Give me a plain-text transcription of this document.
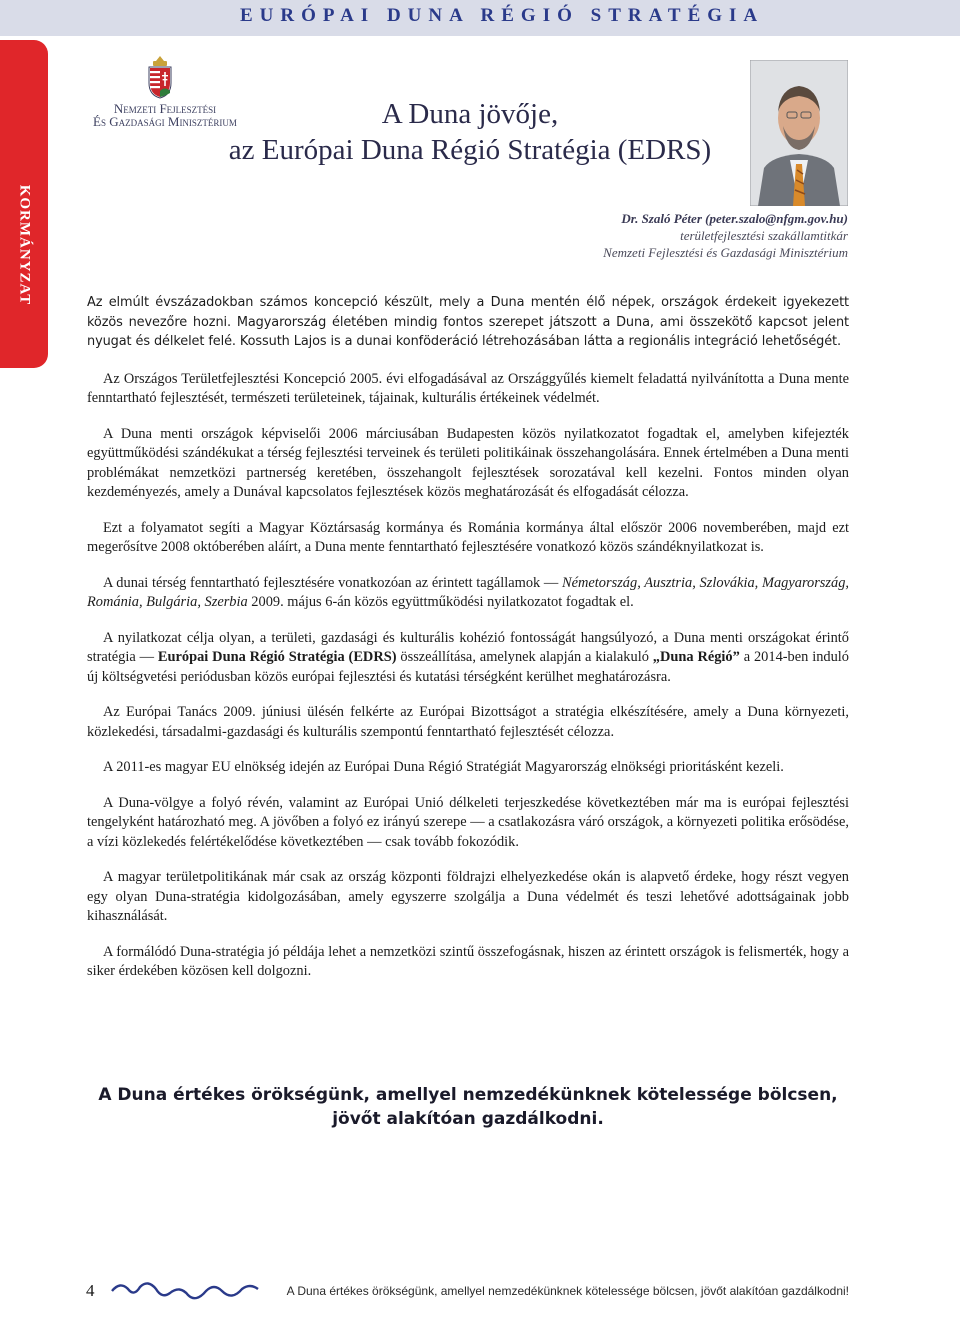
EURÓPAI DUNA RÉGIÓ STRATÉGIA
KORMÁNYZAT
Nemzeti Fejlesztési
És Gazdasági Minisztérium	A Duna jövője,
az Európai Duna Régió Stratégia (EDRS)
Dr. Szaló Péter (peter.szalo@nfgm.gov.hu)
területfejlesztési szakállamtitkár
Nemzeti Fejlesztési és Gazdasági Minisztérium

Az elmúlt évszázadokban számos koncepció készült, mely a Duna mentén élő népek, országok érdekeit igyekezett közös nevezőre hozni. Magyarország életében mindig fontos szerepet játszott a Duna, ami összekötő kapcsot jelent nyugat és délkelet felé. Kossuth Lajos is a dunai konföderáció létrehozásában látta a regionális integráció lehetőségét.

Az Országos Területfejlesztési Koncepció 2005. évi elfogadásával az Országgyűlés kiemelt feladattá nyilvánította a Duna mente fenntartható fejlesztését, természeti területeinek, tájainak, kulturális értékeinek védelmét.

A Duna menti országok képviselői 2006 márciusában Budapesten közös nyilatkozatot fogadtak el, amelyben kifejezték együttműködési szándékukat a térség fejlesztési terveinek és területi politikáinak összehangolására. Ennek értelmében a Duna menti problémákat nemzetközi partnerség keretében, összehangolt fejlesztések sorozatával kell kezelni. Fontos minden olyan kezdeményezés, amely a Dunával kapcsolatos fejlesztések közös meghatározását és elfogadását célozza.

Ezt a folyamatot segíti a Magyar Köztársaság kormánya és Románia kormánya által először 2006 novemberében, majd ezt megerősítve 2008 októberében aláírt, a Duna mente fenntartható fejlesztésére vonatkozó közös szándéknyilatkozat is.

A dunai térség fenntartható fejlesztésére vonatkozóan az érintett tagállamok — Németország, Ausztria, Szlovákia, Magyarország, Románia, Bulgária, Szerbia 2009. május 6-án közös együttműködési nyilatkozatot fogadtak el.

A nyilatkozat célja olyan, a területi, gazdasági és kulturális kohézió fontosságát hangsúlyozó, a Duna menti országokat érintő stratégia — Európai Duna Régió Stratégia (EDRS) összeállítása, amelynek alapján a kialakuló „Duna Régió” a 2014-ben induló új költségvetési periódusban közös európai fejlesztési és kutatási térségként kerülhet meghatározásra.

Az Európai Tanács 2009. júniusi ülésén felkérte az Európai Bizottságot a stratégia elkészítésére, amely a Duna környezeti, közlekedési, társadalmi-gazdasági és kulturális szempontú fenntartható fejlesztését célozza.

A 2011-es magyar EU elnökség idején az Európai Duna Régió Stratégiát Magyarország elnökségi prioritásként kezeli.

A Duna-völgye a folyó révén, valamint az Európai Unió délkeleti terjeszkedése következtében már ma is európai fejlesztési tengelyként határozható meg. A jövőben a folyó ez irányú szerepe — a csatlakozásra váró országok, a környezeti politika erősödése, a vízi közlekedés felértékelődése következtében — csak tovább fokozódik.

A magyar területpolitikának már csak az ország központi földrajzi elhelyezkedése okán is alapvető érdeke, hogy részt vegyen egy olyan Duna-stratégia kidolgozásában, amely egyszerre szolgálja a Duna védelmét és teszi lehetővé adottságainak jobb kihasználását.

A formálódó Duna-stratégia jó példája lehet a nemzetközi szintű összefogásnak, hiszen az érintett országok is felismerték, hogy a siker érdekében közösen kell dolgozni.

A Duna értékes örökségünk, amellyel nemzedékünknek kötelessége bölcsen,
jövőt alakítóan gazdálkodni.
4	A Duna értékes örökségünk, amellyel nemzedékünknek kötelessége bölcsen, jövőt alakítóan gazdálkodni!
